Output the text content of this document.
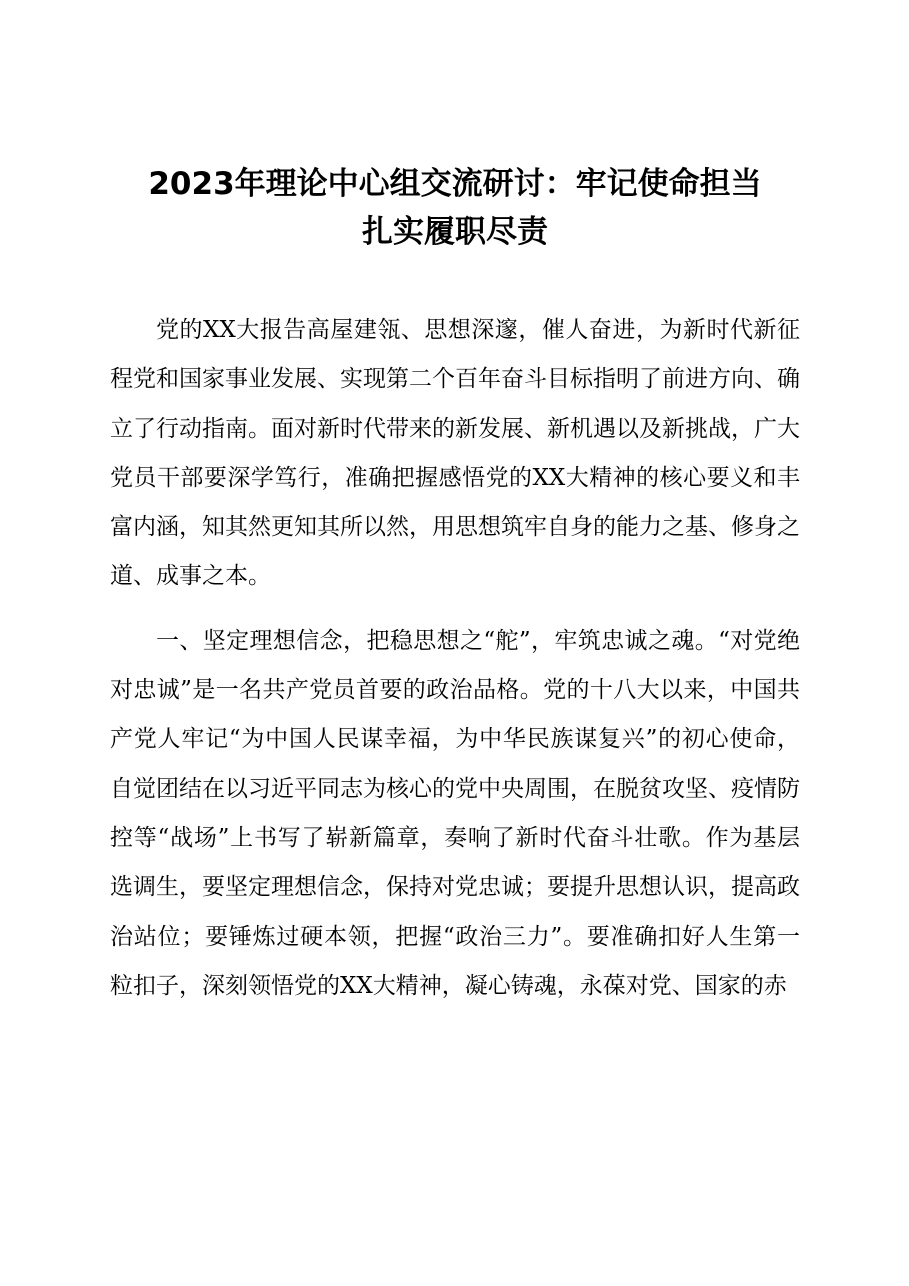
2023年理论中心组交流研讨：牢记使命担当
扎实履职尽责

党的XX大报告高屋建瓴、思想深邃，催人奋进，为新时代新征程党和国家事业发展、实现第二个百年奋斗目标指明了前进方向、确立了行动指南。面对新时代带来的新发展、新机遇以及新挑战，广大党员干部要深学笃行，准确把握感悟党的XX大精神的核心要义和丰富内涵，知其然更知其所以然，用思想筑牢自身的能力之基、修身之道、成事之本。

一、坚定理想信念，把稳思想之“舵”，牢筑忠诚之魂。“对党绝对忠诚”是一名共产党员首要的政治品格。党的十八大以来，中国共产党人牢记“为中国人民谋幸福，为中华民族谋复兴”的初心使命，自觉团结在以习近平同志为核心的党中央周围，在脱贫攻坚、疫情防控等“战场”上书写了崭新篇章，奏响了新时代奋斗壮歌。作为基层选调生，要坚定理想信念，保持对党忠诚；要提升思想认识，提高政治站位；要锤炼过硬本领，把握“政治三力”。要准确扣好人生第一粒扣子，深刻领悟党的XX大精神，凝心铸魂，永葆对党、国家的赤
